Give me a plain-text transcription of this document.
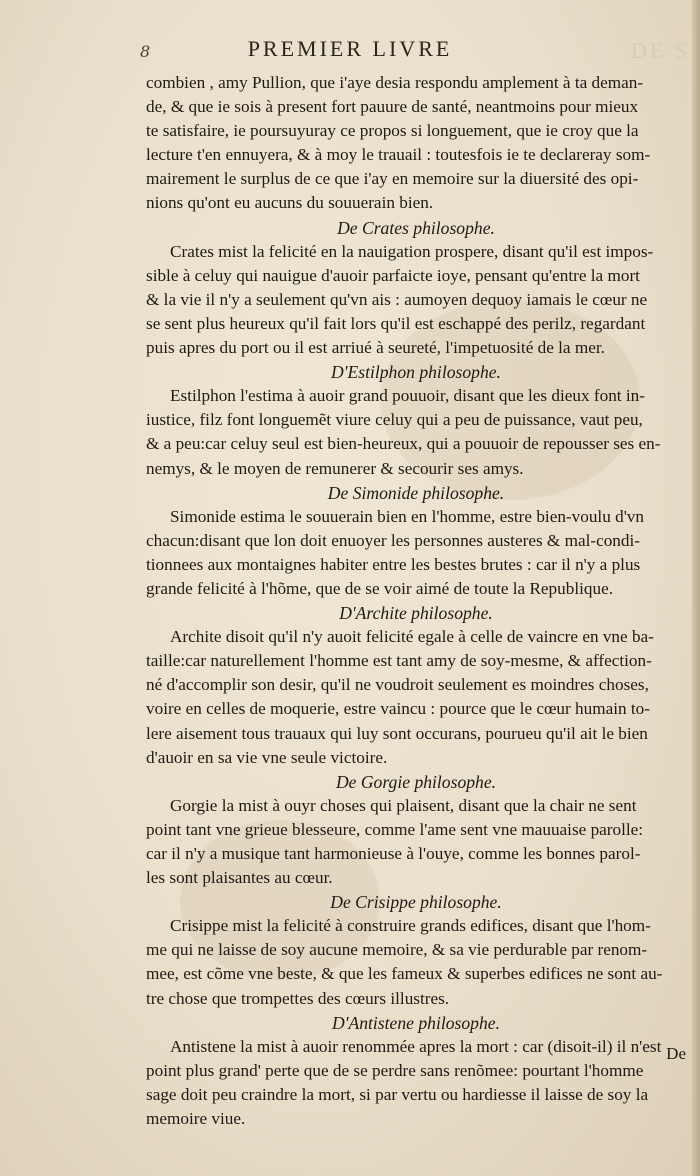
8	PREMIER LIVRE	DE S
combien , amy Pullion, que i'aye desia respondu amplement à ta deman-
de, & que ie sois à present fort pauure de santé, neantmoins pour mieux
te satisfaire, ie poursuyuray ce propos si longuement, que ie croy que la
lecture t'en ennuyera, & à moy le trauail : toutesfois ie te declareray som-
mairement le surplus de ce que i'ay en memoire sur la diuersité des opi-
nions qu'ont eu aucuns du souuerain bien.
De Crates philosophe.
Crates mist la felicité en la nauigation prospere, disant qu'il est impos-
sible à celuy qui nauigue d'auoir parfaicte ioye, pensant qu'entre la mort
& la vie il n'y a seulement qu'vn ais : aumoyen dequoy iamais le cœur ne
se sent plus heureux qu'il fait lors qu'il est eschappé des perilz, regardant
puis apres du port ou il est arriué à seureté, l'impetuosité de la mer.
D'Estilphon philosophe.
Estilphon l'estima à auoir grand pouuoir, disant que les dieux font in-
iustice, filz font longuemẽt viure celuy qui a peu de puissance, vaut peu,
& a peu:car celuy seul est bien-heureux, qui a pouuoir de repousser ses en-
nemys, & le moyen de remunerer & secourir ses amys.
De Simonide philosophe.
Simonide estima le souuerain bien en l'homme, estre bien-voulu d'vn
chacun:disant que lon doit enuoyer les personnes austeres & mal-condi-
tionnees aux montaignes habiter entre les bestes brutes : car il n'y a plus
grande felicité à l'hõme, que de se voir aimé de toute la Republique.
D'Archite philosophe.
Archite disoit qu'il n'y auoit felicité egale à celle de vaincre en vne ba-
taille:car naturellement l'homme est tant amy de soy-mesme, & affection-
né d'accomplir son desir, qu'il ne voudroit seulement es moindres choses,
voire en celles de moquerie, estre vaincu : pource que le cœur humain to-
lere aisement tous trauaux qui luy sont occurans, pourueu qu'il ait le bien
d'auoir en sa vie vne seule victoire.
De Gorgie philosophe.
Gorgie la mist à ouyr choses qui plaisent, disant que la chair ne sent
point tant vne grieue blesseure, comme l'ame sent vne mauuaise parolle:
car il n'y a musique tant harmonieuse à l'ouye, comme les bonnes parol-
les sont plaisantes au cœur.
De Crisippe philosophe.
Crisippe mist la felicité à construire grands edifices, disant que l'hom-
me qui ne laisse de soy aucune memoire, & sa vie perdurable par renom-
mee, est cõme vne beste, & que les fameux & superbes edifices ne sont au-
tre chose que trompettes des cœurs illustres.
D'Antistene philosophe.
Antistene la mist à auoir renommée apres la mort : car (disoit-il) il n'est
point plus grand' perte que de se perdre sans renõmee: pourtant l'homme
sage doit peu craindre la mort, si par vertu ou hardiesse il laisse de soy la
memoire viue.
De
